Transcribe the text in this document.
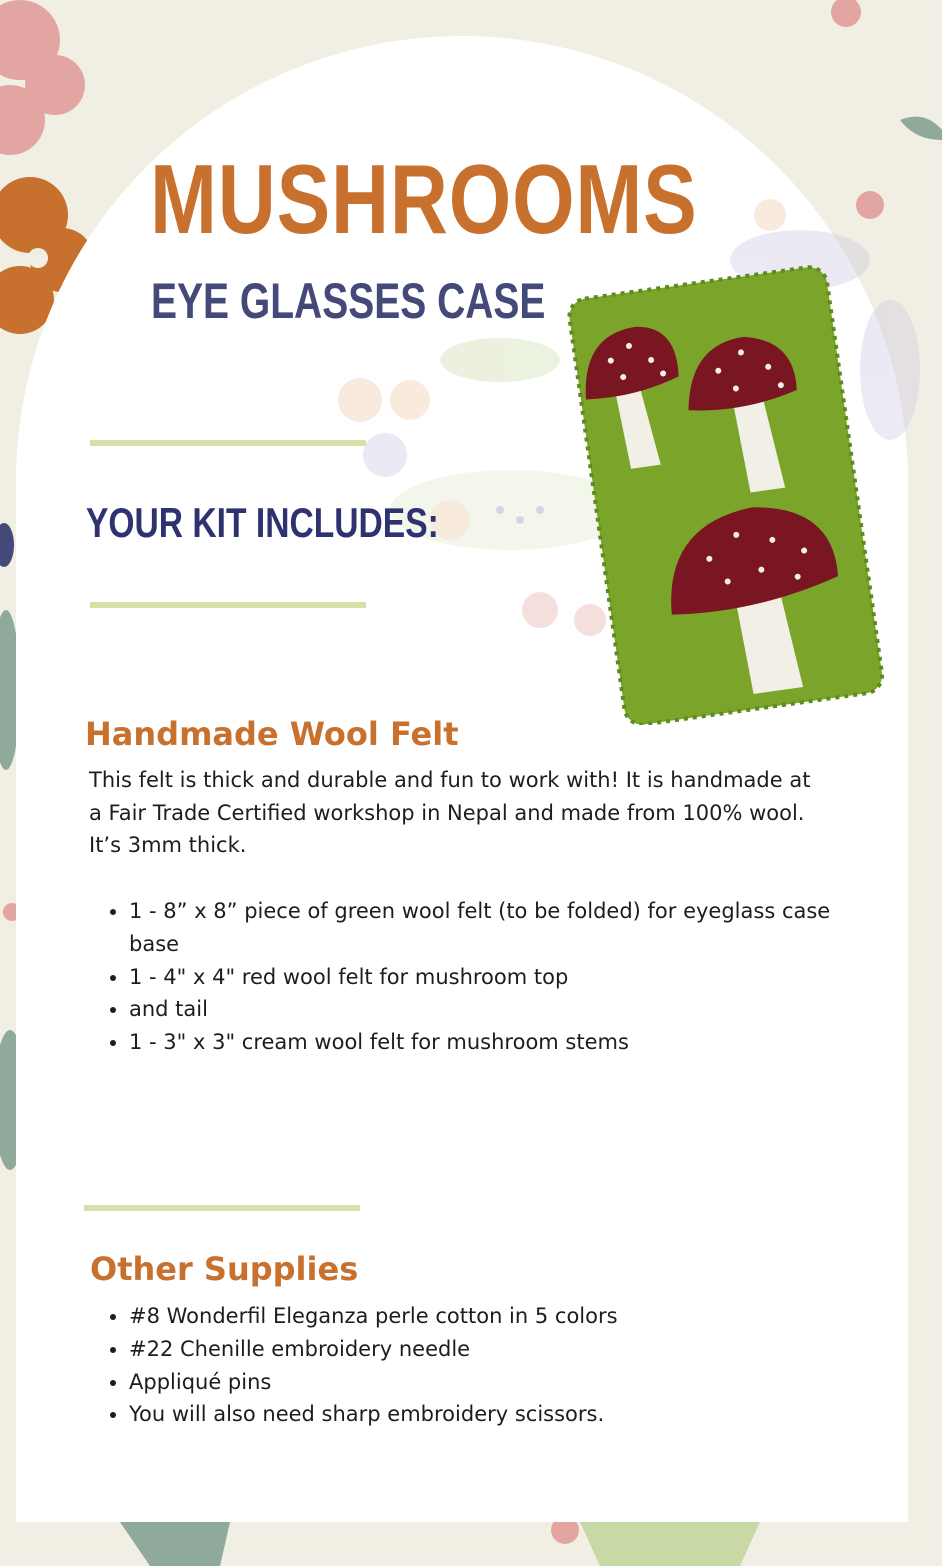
MUSHROOMS
EYE GLASSES CASE
YOUR KIT INCLUDES:
Handmade Wool Felt
This felt is thick and durable and fun to work with! It is handmade at a Fair Trade Certified workshop in Nepal and made from 100% wool. It’s 3mm thick.
• 1 - 8” x 8” piece of green wool felt (to be folded) for eyeglass case base
• 1 - 4" x 4" red wool felt for mushroom top
• and tail
• 1 - 3" x 3" cream wool felt for mushroom stems
Other Supplies
• #8 Wonderfil Eleganza perle cotton in 5 colors
• #22 Chenille embroidery needle
• Appliqué pins
• You will also need sharp embroidery scissors.
